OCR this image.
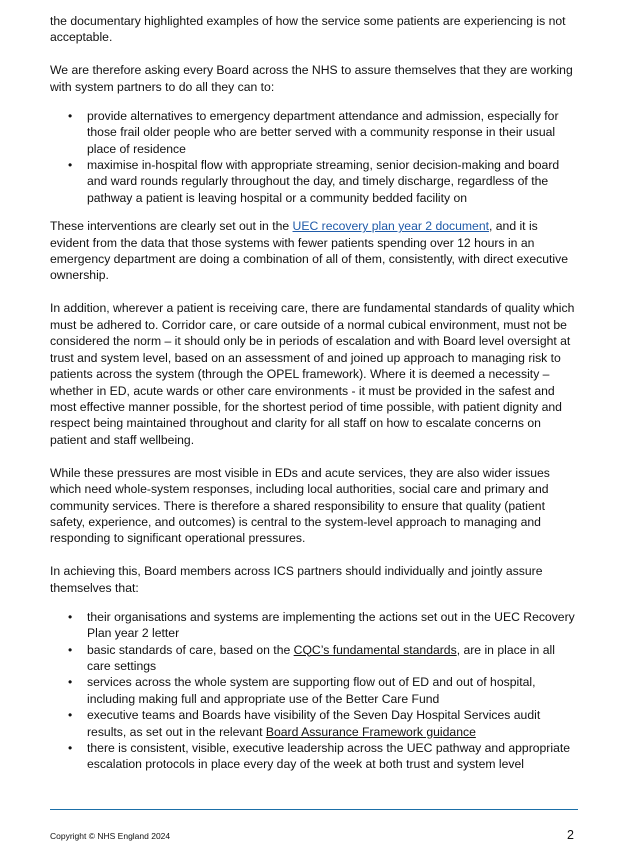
the documentary highlighted examples of how the service some patients are experiencing is not acceptable.

We are therefore asking every Board across the NHS to assure themselves that they are working with system partners to do all they can to:

• provide alternatives to emergency department attendance and admission, especially for those frail older people who are better served with a community response in their usual place of residence
• maximise in-hospital flow with appropriate streaming, senior decision-making and board and ward rounds regularly throughout the day, and timely discharge, regardless of the pathway a patient is leaving hospital or a community bedded facility on

These interventions are clearly set out in the UEC recovery plan year 2 document, and it is evident from the data that those systems with fewer patients spending over 12 hours in an emergency department are doing a combination of all of them, consistently, with direct executive ownership.

In addition, wherever a patient is receiving care, there are fundamental standards of quality which must be adhered to. Corridor care, or care outside of a normal cubical environment, must not be considered the norm – it should only be in periods of escalation and with Board level oversight at trust and system level, based on an assessment of and joined up approach to managing risk to patients across the system (through the OPEL framework). Where it is deemed a necessity – whether in ED, acute wards or other care environments - it must be provided in the safest and most effective manner possible, for the shortest period of time possible, with patient dignity and respect being maintained throughout and clarity for all staff on how to escalate concerns on patient and staff wellbeing.

While these pressures are most visible in EDs and acute services, they are also wider issues which need whole-system responses, including local authorities, social care and primary and community services. There is therefore a shared responsibility to ensure that quality (patient safety, experience, and outcomes) is central to the system-level approach to managing and responding to significant operational pressures.

In achieving this, Board members across ICS partners should individually and jointly assure themselves that:

• their organisations and systems are implementing the actions set out in the UEC Recovery Plan year 2 letter
• basic standards of care, based on the CQC’s fundamental standards, are in place in all care settings
• services across the whole system are supporting flow out of ED and out of hospital, including making full and appropriate use of the Better Care Fund
• executive teams and Boards have visibility of the Seven Day Hospital Services audit results, as set out in the relevant Board Assurance Framework guidance
• there is consistent, visible, executive leadership across the UEC pathway and appropriate escalation protocols in place every day of the week at both trust and system level
Copyright © NHS England 2024	2
